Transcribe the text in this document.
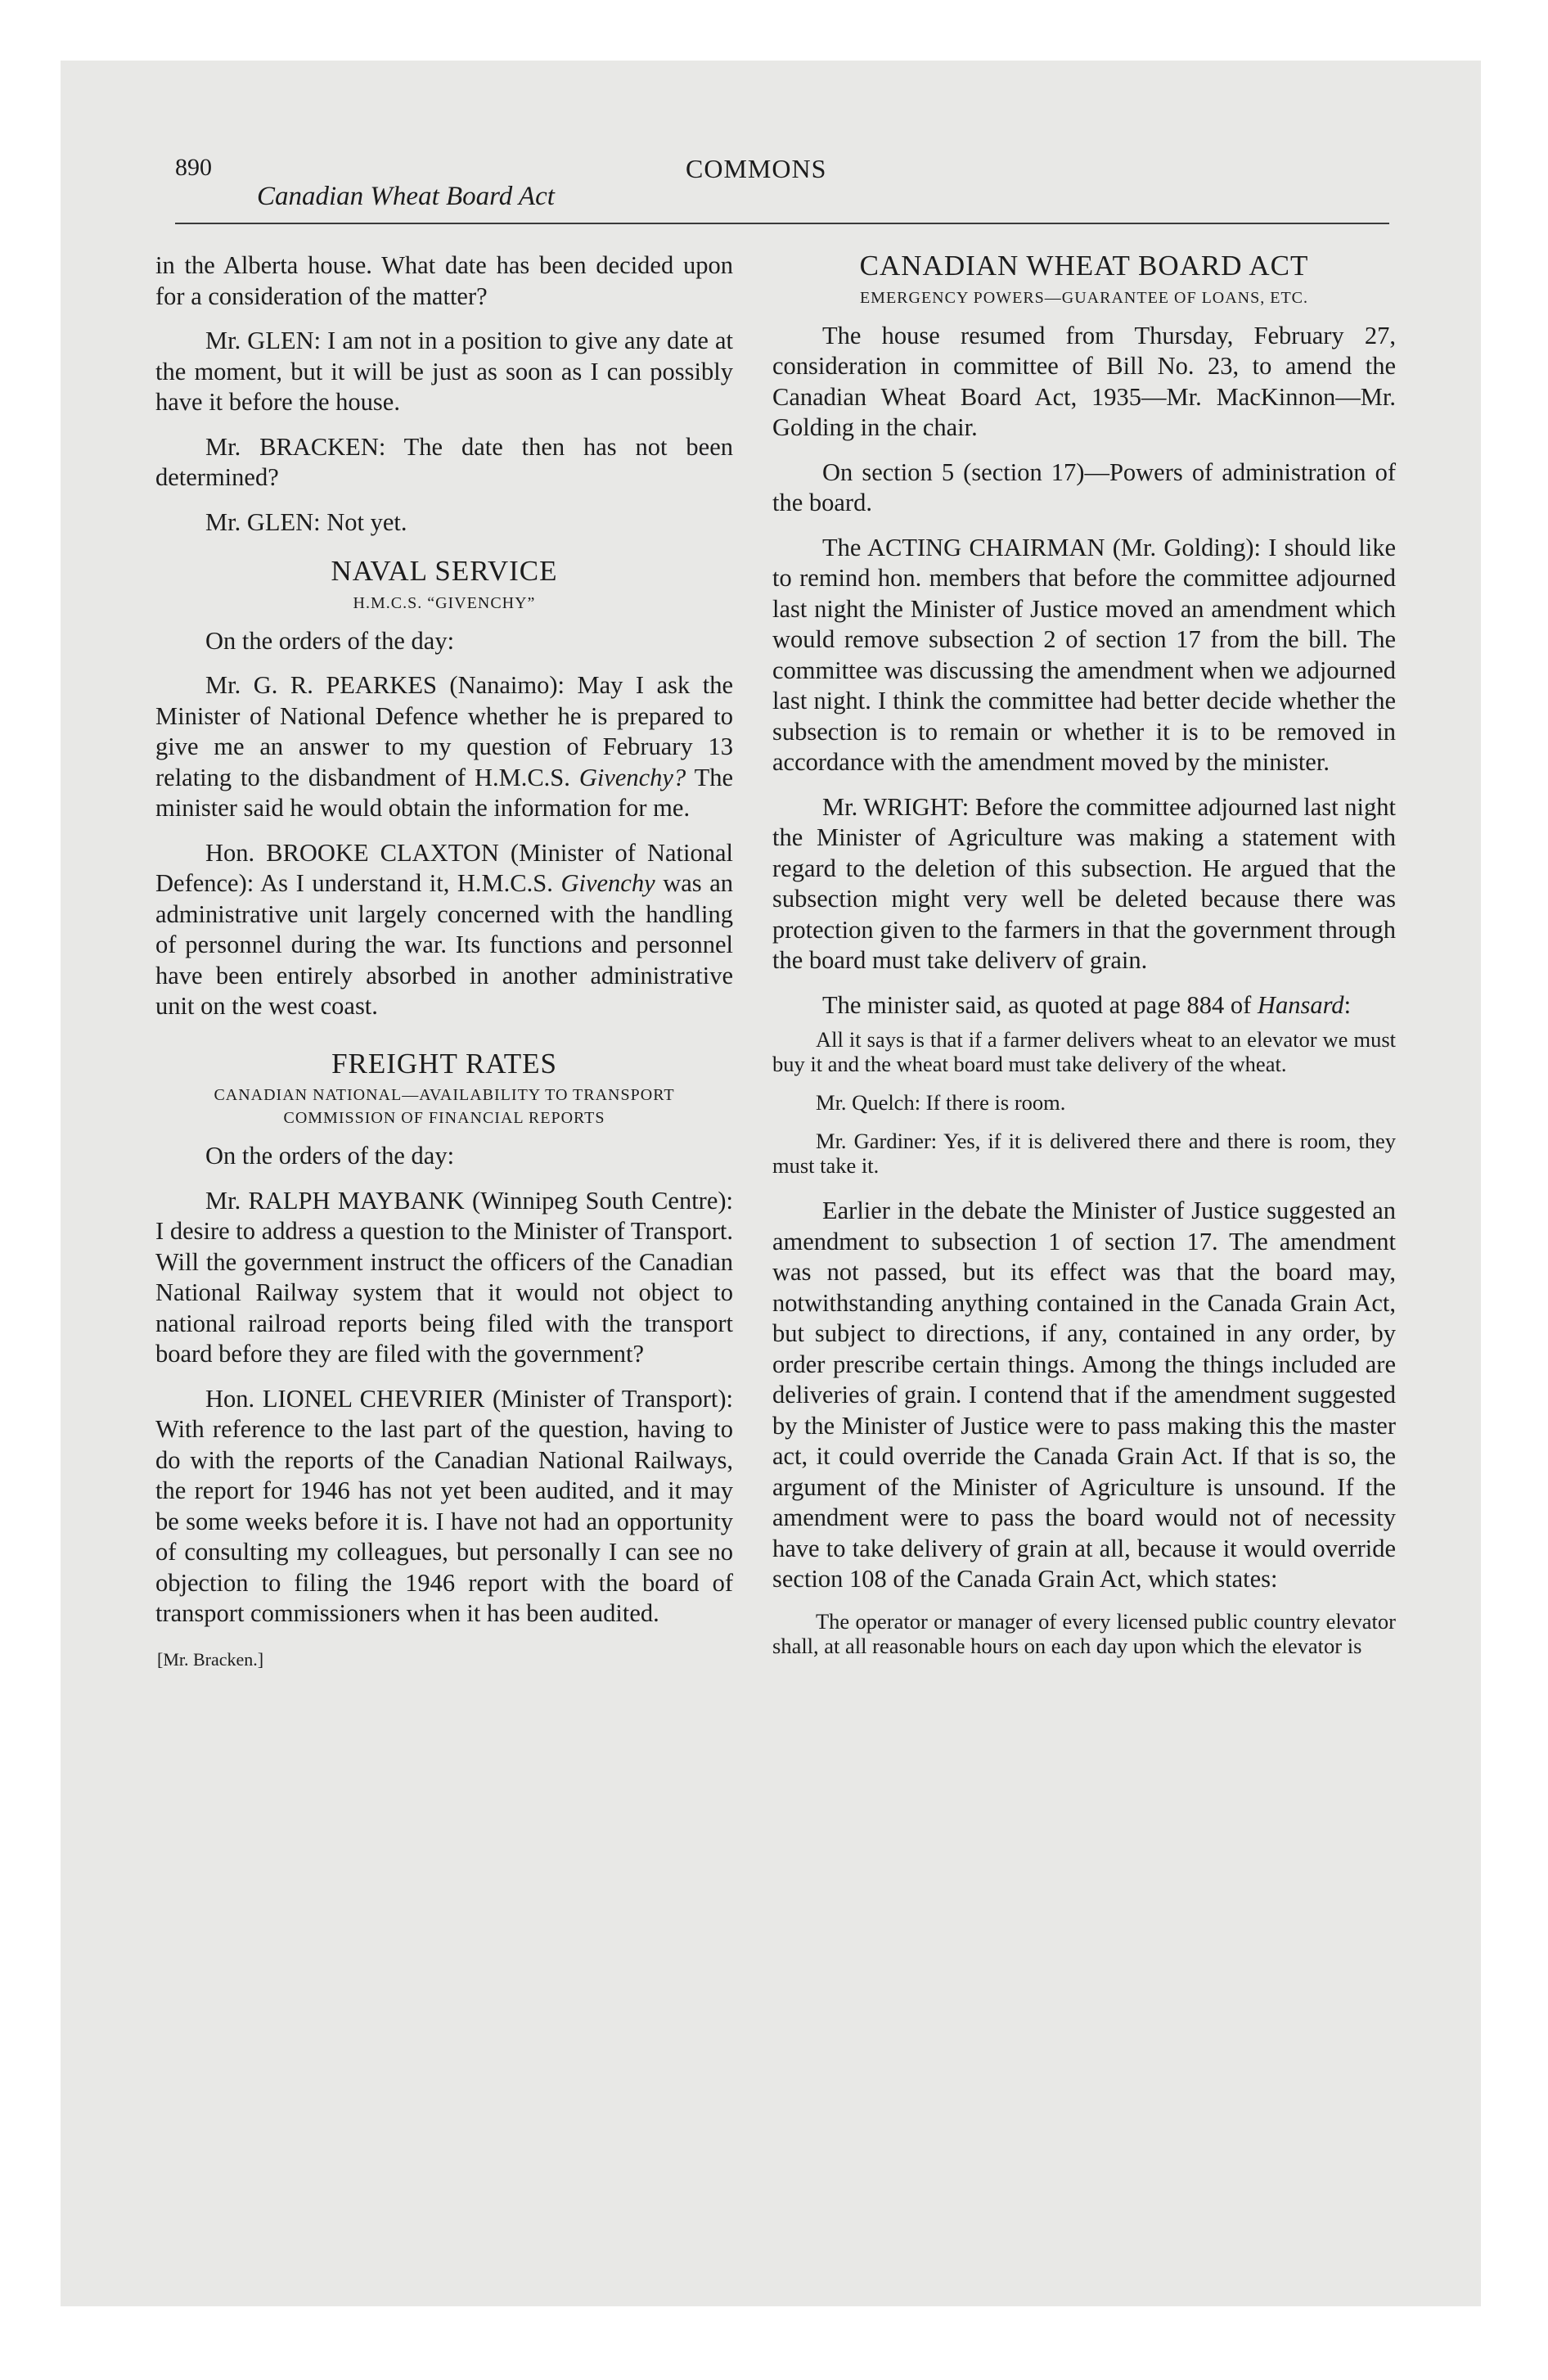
890	COMMONS
Canadian Wheat Board Act

in the Alberta house. What date has been decided upon for a consideration of the matter?

Mr. GLEN: I am not in a position to give any date at the moment, but it will be just as soon as I can possibly have it before the house.

Mr. BRACKEN: The date then has not been determined?

Mr. GLEN: Not yet.

NAVAL SERVICE
H.M.C.S. “GIVENCHY”

On the orders of the day:

Mr. G. R. PEARKES (Nanaimo): May I ask the Minister of National Defence whether he is prepared to give me an answer to my question of February 13 relating to the disbandment of H.M.C.S. Givenchy? The minister said he would obtain the information for me.

Hon. BROOKE CLAXTON (Minister of National Defence): As I understand it, H.M.C.S. Givenchy was an administrative unit largely concerned with the handling of personnel during the war. Its functions and personnel have been entirely absorbed in another administrative unit on the west coast.

FREIGHT RATES
CANADIAN NATIONAL—AVAILABILITY TO TRANSPORT COMMISSION OF FINANCIAL REPORTS

On the orders of the day:

Mr. RALPH MAYBANK (Winnipeg South Centre): I desire to address a question to the Minister of Transport. Will the government instruct the officers of the Canadian National Railway system that it would not object to national railroad reports being filed with the transport board before they are filed with the government?

Hon. LIONEL CHEVRIER (Minister of Transport): With reference to the last part of the question, having to do with the reports of the Canadian National Railways, the report for 1946 has not yet been audited, and it may be some weeks before it is. I have not had an opportunity of consulting my colleagues, but personally I can see no objection to filing the 1946 report with the board of transport commissioners when it has been audited.

[Mr. Bracken.]
CANADIAN WHEAT BOARD ACT
EMERGENCY POWERS—GUARANTEE OF LOANS, ETC.

The house resumed from Thursday, February 27, consideration in committee of Bill No. 23, to amend the Canadian Wheat Board Act, 1935—Mr. MacKinnon—Mr. Golding in the chair.

On section 5 (section 17)—Powers of administration of the board.

The ACTING CHAIRMAN (Mr. Golding): I should like to remind hon. members that before the committee adjourned last night the Minister of Justice moved an amendment which would remove subsection 2 of section 17 from the bill. The committee was discussing the amendment when we adjourned last night. I think the committee had better decide whether the subsection is to remain or whether it is to be removed in accordance with the amendment moved by the minister.

Mr. WRIGHT: Before the committee adjourned last night the Minister of Agriculture was making a statement with regard to the deletion of this subsection. He argued that the subsection might very well be deleted because there was protection given to the farmers in that the government through the board must take deliverv of grain.

The minister said, as quoted at page 884 of Hansard:

All it says is that if a farmer delivers wheat to an elevator we must buy it and the wheat board must take delivery of the wheat.

Mr. Quelch: If there is room.

Mr. Gardiner: Yes, if it is delivered there and there is room, they must take it.

Earlier in the debate the Minister of Justice suggested an amendment to subsection 1 of section 17. The amendment was not passed, but its effect was that the board may, notwithstanding anything contained in the Canada Grain Act, but subject to directions, if any, contained in any order, by order prescribe certain things. Among the things included are deliveries of grain. I contend that if the amendment suggested by the Minister of Justice were to pass making this the master act, it could override the Canada Grain Act. If that is so, the argument of the Minister of Agriculture is unsound. If the amendment were to pass the board would not of necessity have to take delivery of grain at all, because it would override section 108 of the Canada Grain Act, which states:

The operator or manager of every licensed public country elevator shall, at all reasonable hours on each day upon which the elevator is
